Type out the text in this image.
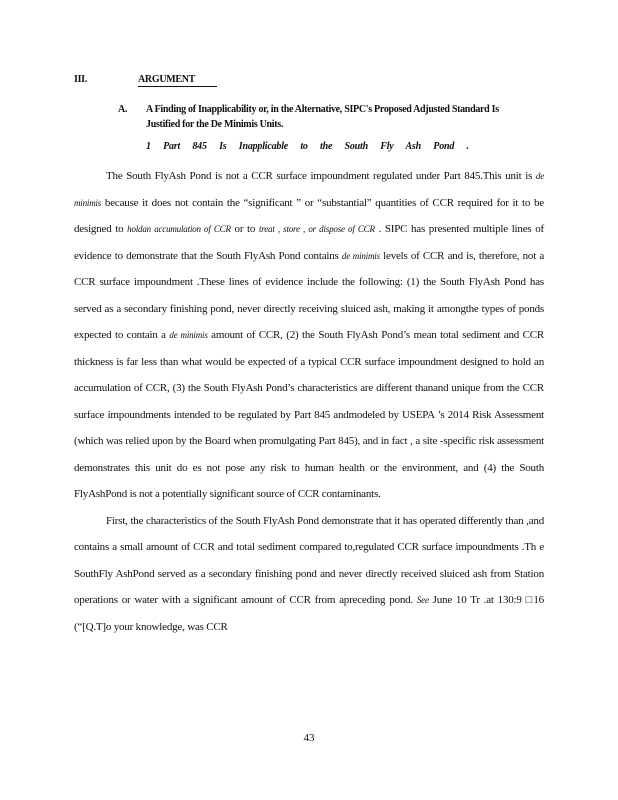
III.	ARGUMENT
A. A Finding of Inapplicability or, in the Alternative, SIPC's Proposed Adjusted Standard Is Justified for the De Minimis Units.
1 Part 845 Is Inapplicable to the South Fly Ash Pond .

The South FlyAsh Pond is not a CCR surface impoundment regulated under Part 845.This unit is de minimis because it does not contain the “significant ” or “substantial” quantities of CCR required for it to be designed to holdan accumulation of CCR or to treat , store , or dispose of CCR . SIPC has presented multiple lines of evidence to demonstrate that the South FlyAsh Pond contains de minimis levels of CCR and is, therefore, not a CCR surface impoundment .These lines of evidence include the following: (1) the South FlyAsh Pond has served as a secondary finishing pond, never directly receiving sluiced ash, making it amongthe types of ponds expected to contain a de minimis amount of CCR, (2) the South FlyAsh Pond’s mean total sediment and CCR thickness is far less than what would be expected of a typical CCR surface impoundment designed to hold an accumulation of CCR, (3) the South FlyAsh Pond’s characteristics are different thanand unique from the CCR surface impoundments intended to be regulated by Part 845 andmodeled by USEPA ’s 2014 Risk Assessment (which was relied upon by the Board when promulgating Part 845), and in fact , a site -specific risk assessment demonstrates this unit do es not pose any risk to human health or the environment, and (4) the South FlyAshPond is not a potentially significant source of CCR contaminants.

First, the characteristics of the South FlyAsh Pond demonstrate that it has operated differently than ,and contains a small amount of CCR and total sediment compared to,regulated CCR surface impoundments .Th e SouthFly AshPond served as a secondary finishing pond and never directly received sluiced ash from Station operations or water with a significant amount of CCR from apreceding pond. See June 10 Tr .at 130:9 □16 (“[Q.T]o your knowledge, was CCR

43
